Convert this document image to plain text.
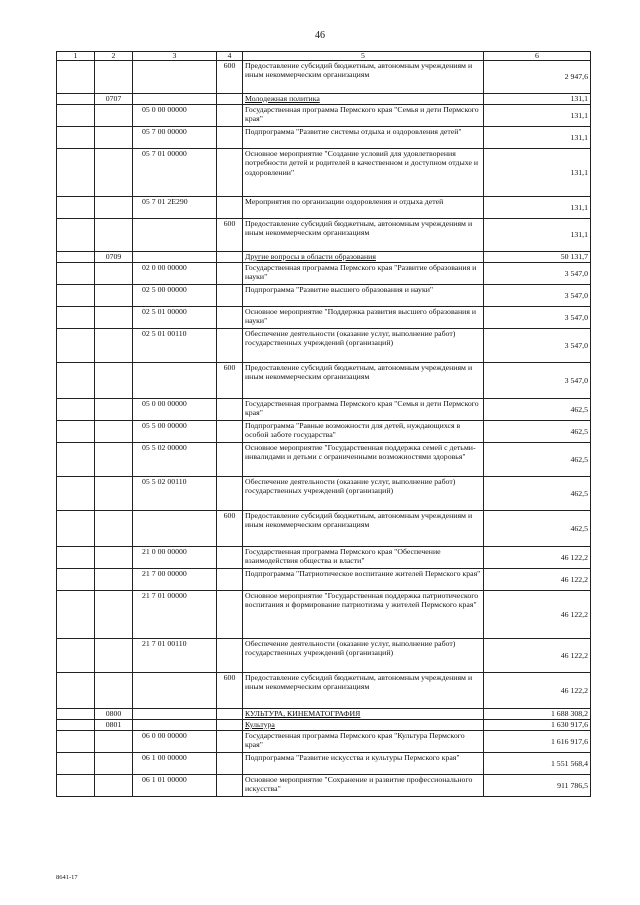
46
1	2	3	4	5	6
			600	Предоставление субсидий бюджетным, автономным учреждениям и иным некоммерческим организациям	2 947,6
	0707			Молодежная политика	131,1
		05 0 00 00000		Государственная программа Пермского края "Семья и дети Пермского края"	131,1
		05 7 00 00000		Подпрограмма "Развитие системы отдыха и оздоровления детей"	131,1
		05 7 01 00000		Основное мероприятие "Создание условий для удовлетворения потребности детей и родителей в качественном и доступном отдыхе и оздоровлении"	131,1
		05 7 01 2Е290		Мероприятия по организации оздоровления и отдыха детей	131,1
			600	Предоставление субсидий бюджетным, автономным учреждениям и иным некоммерческим организациям	131,1
	0709			Другие вопросы в области образования	50 131,7
		02 0 00 00000		Государственная программа Пермского края "Развитие образования и науки"	3 547,0
		02 5 00 00000		Подпрограмма "Развитие высшего образования и науки"	3 547,0
		02 5 01 00000		Основное мероприятие "Поддержка развития высшего образования и науки"	3 547,0
		02 5 01 00110		Обеспечение деятельности (оказание услуг, выполнение работ) государственных учреждений (организаций)	3 547,0
			600	Предоставление субсидий бюджетным, автономным учреждениям и иным некоммерческим организациям	3 547,0
		05 0 00 00000		Государственная программа Пермского края "Семья и дети Пермского края"	462,5
		05 5 00 00000		Подпрограмма "Равные возможности для детей, нуждающихся в особой заботе государства"	462,5
		05 5 02 00000		Основное мероприятие "Государственная поддержка семей с детьми-инвалидами и детьми с ограниченными возможностями здоровья"	462,5
		05 5 02 00110		Обеспечение деятельности (оказание услуг, выполнение работ) государственных учреждений (организаций)	462,5
			600	Предоставление субсидий бюджетным, автономным учреждениям и иным некоммерческим организациям	462,5
		21 0 00 00000		Государственная программа Пермского края "Обеспечение взаимодействия общества и власти"	46 122,2
		21 7 00 00000		Подпрограмма "Патриотическое воспитание жителей Пермского края"	46 122,2
		21 7 01 00000		Основное мероприятие "Государственная поддержка патриотического воспитания и формирование патриотизма у жителей Пермского края"	46 122,2
		21 7 01 00110		Обеспечение деятельности (оказание услуг, выполнение работ) государственных учреждений (организаций)	46 122,2
			600	Предоставление субсидий бюджетным, автономным учреждениям и иным некоммерческим организациям	46 122,2
	0800			КУЛЬТУРА, КИНЕМАТОГРАФИЯ	1 688 308,2
	0801			Культура	1 630 917,6
		06 0 00 00000		Государственная программа Пермского края "Культура Пермского края"	1 616 917,6
		06 1 00 00000		Подпрограмма "Развитие искусства и культуры Пермского края"	1 551 568,4
		06 1 01 00000		Основное мероприятие "Сохранение и развитие профессионального искусства"	911 786,5
8641-17
